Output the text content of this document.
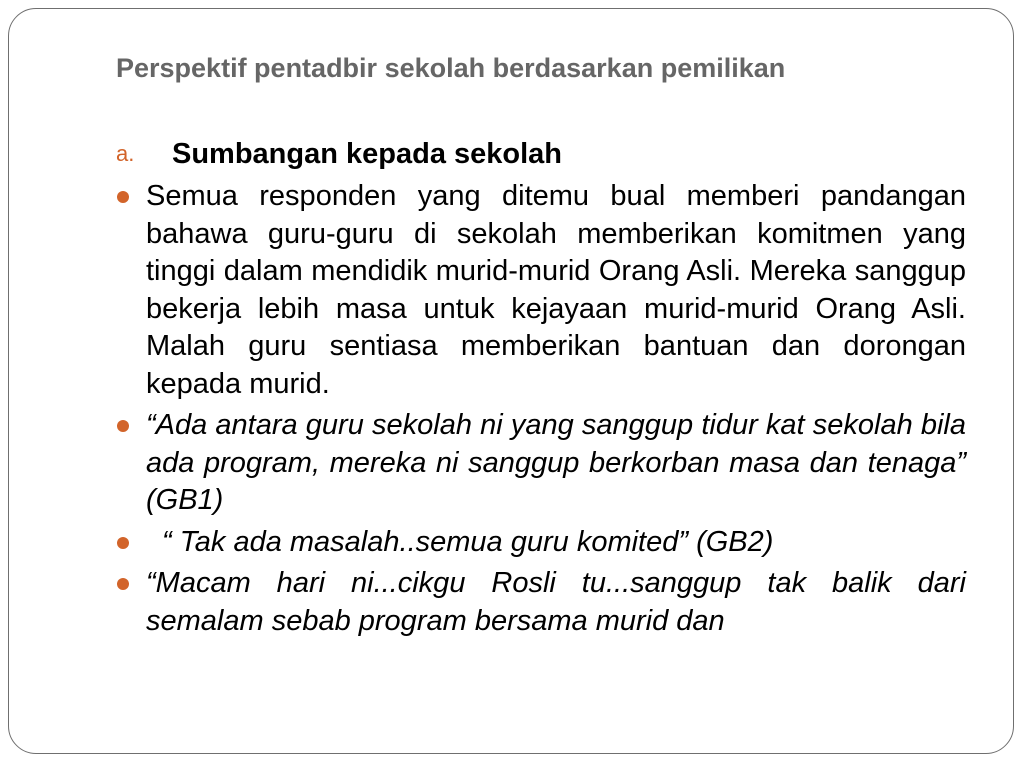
Perspektif pentadbir sekolah berdasarkan pemilikan
a.	Sumbangan kepada sekolah
Semua responden yang ditemu bual memberi pandangan bahawa guru-guru di sekolah memberikan komitmen yang tinggi dalam mendidik murid-murid Orang Asli. Mereka sanggup bekerja lebih masa untuk kejayaan murid-murid Orang Asli. Malah guru sentiasa memberikan bantuan dan dorongan kepada murid.
“Ada antara guru sekolah ni yang sanggup tidur kat sekolah bila ada program, mereka ni sanggup berkorban masa dan tenaga” (GB1)
“ Tak ada masalah..semua guru komited” (GB2)
“Macam hari ni...cikgu Rosli tu...sanggup tak balik dari semalam sebab program bersama murid dan
